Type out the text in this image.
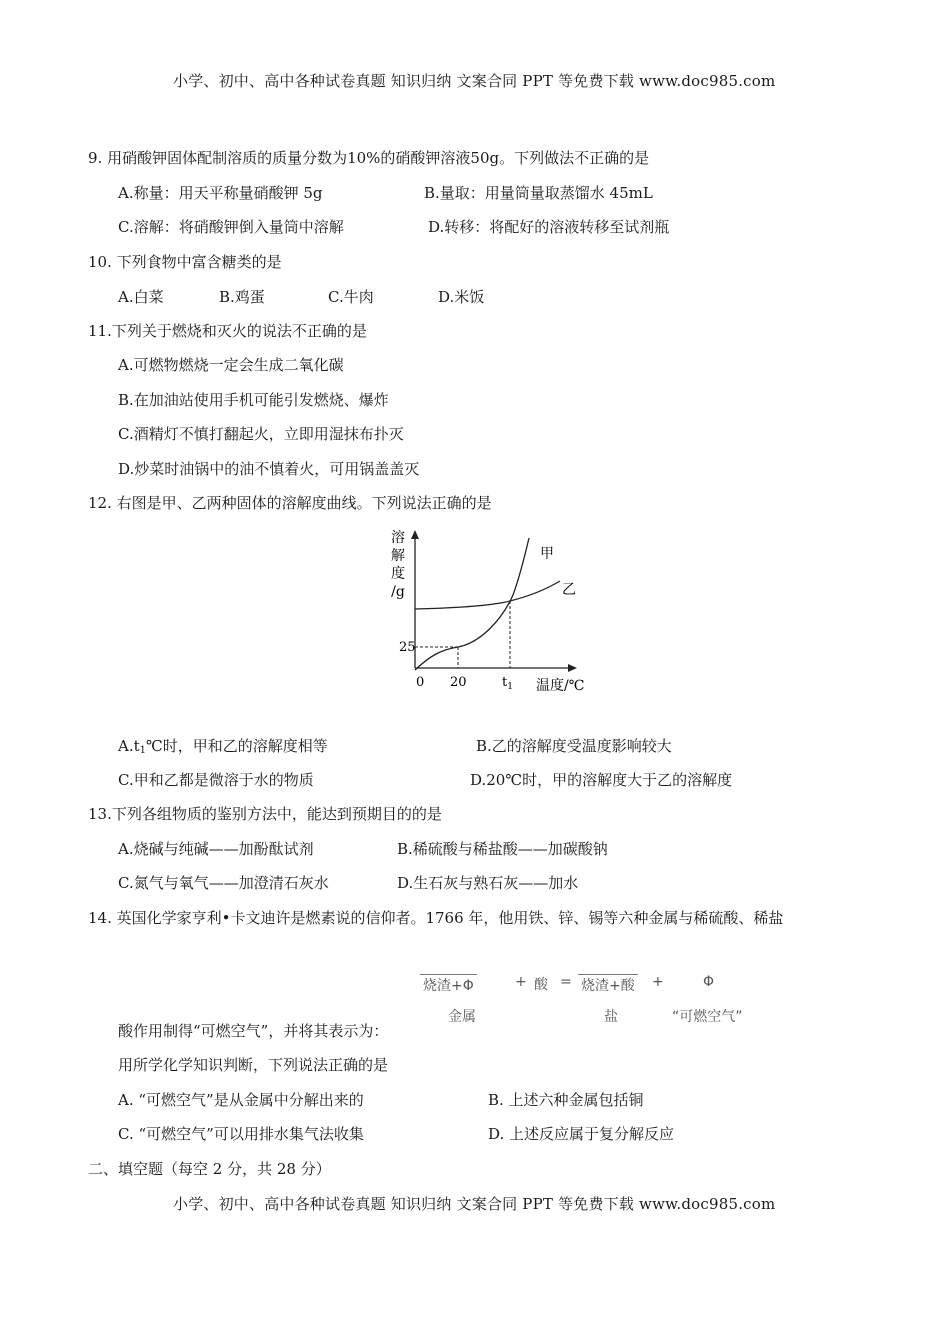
小学、初中、高中各种试卷真题 知识归纳 文案合同 PPT 等免费下载 www.doc985.com
9. 用硝酸钾固体配制溶质的质量分数为10%的硝酸钾溶液50g。下列做法不正确的是
A.称量：用天平称量硝酸钾 5g	B.量取：用量筒量取蒸馏水 45mL
C.溶解：将硝酸钾倒入量筒中溶解	D.转移：将配好的溶液转移至试剂瓶
10. 下列食物中富含糖类的是
A.白菜	B.鸡蛋	C.牛肉	D.米饭
11.下列关于燃烧和灭火的说法不正确的是
A.可燃物燃烧一定会生成二氧化碳
B.在加油站使用手机可能引发燃烧、爆炸
C.酒精灯不慎打翻起火，立即用湿抹布扑灭
D.炒菜时油锅中的油不慎着火，可用锅盖盖灭
12. 右图是甲、乙两种固体的溶解度曲线。下列说法正确的是
溶
解
度
/g
甲
乙
25
0 20	$t_1$ 温度/℃
$A.t_1℃$时，甲和乙的溶解度相等	B.乙的溶解度受温度影响较大
C.甲和乙都是微溶于水的物质	D.20℃时，甲的溶解度大于乙的溶解度
13.下列各组物质的鉴别方法中，能达到预期目的的是
A.烧碱与纯碱——加酚酞试剂	B.稀硫酸与稀盐酸——加碳酸钠
C.氮气与氧气——加澄清石灰水	D.生石灰与熟石灰——加水
14. 英国化学家亨利•卡文迪许是燃素说的信仰者。1766 年，他用铁、锌、锡等六种金属与稀硫酸、稀盐
烧渣+Φ	+ 酸 = 烧渣+酸 +	Φ
金属	盐	“可燃空气”
酸作用制得“可燃空气”，并将其表示为：
用所学化学知识判断，下列说法正确的是
A. “可燃空气”是从金属中分解出来的	B. 上述六种金属包括铜
C. “可燃空气”可以用排水集气法收集	D. 上述反应属于复分解反应
二、填空题（每空 2 分，共 28 分）
小学、初中、高中各种试卷真题 知识归纳 文案合同 PPT 等免费下载 www.doc985.com
